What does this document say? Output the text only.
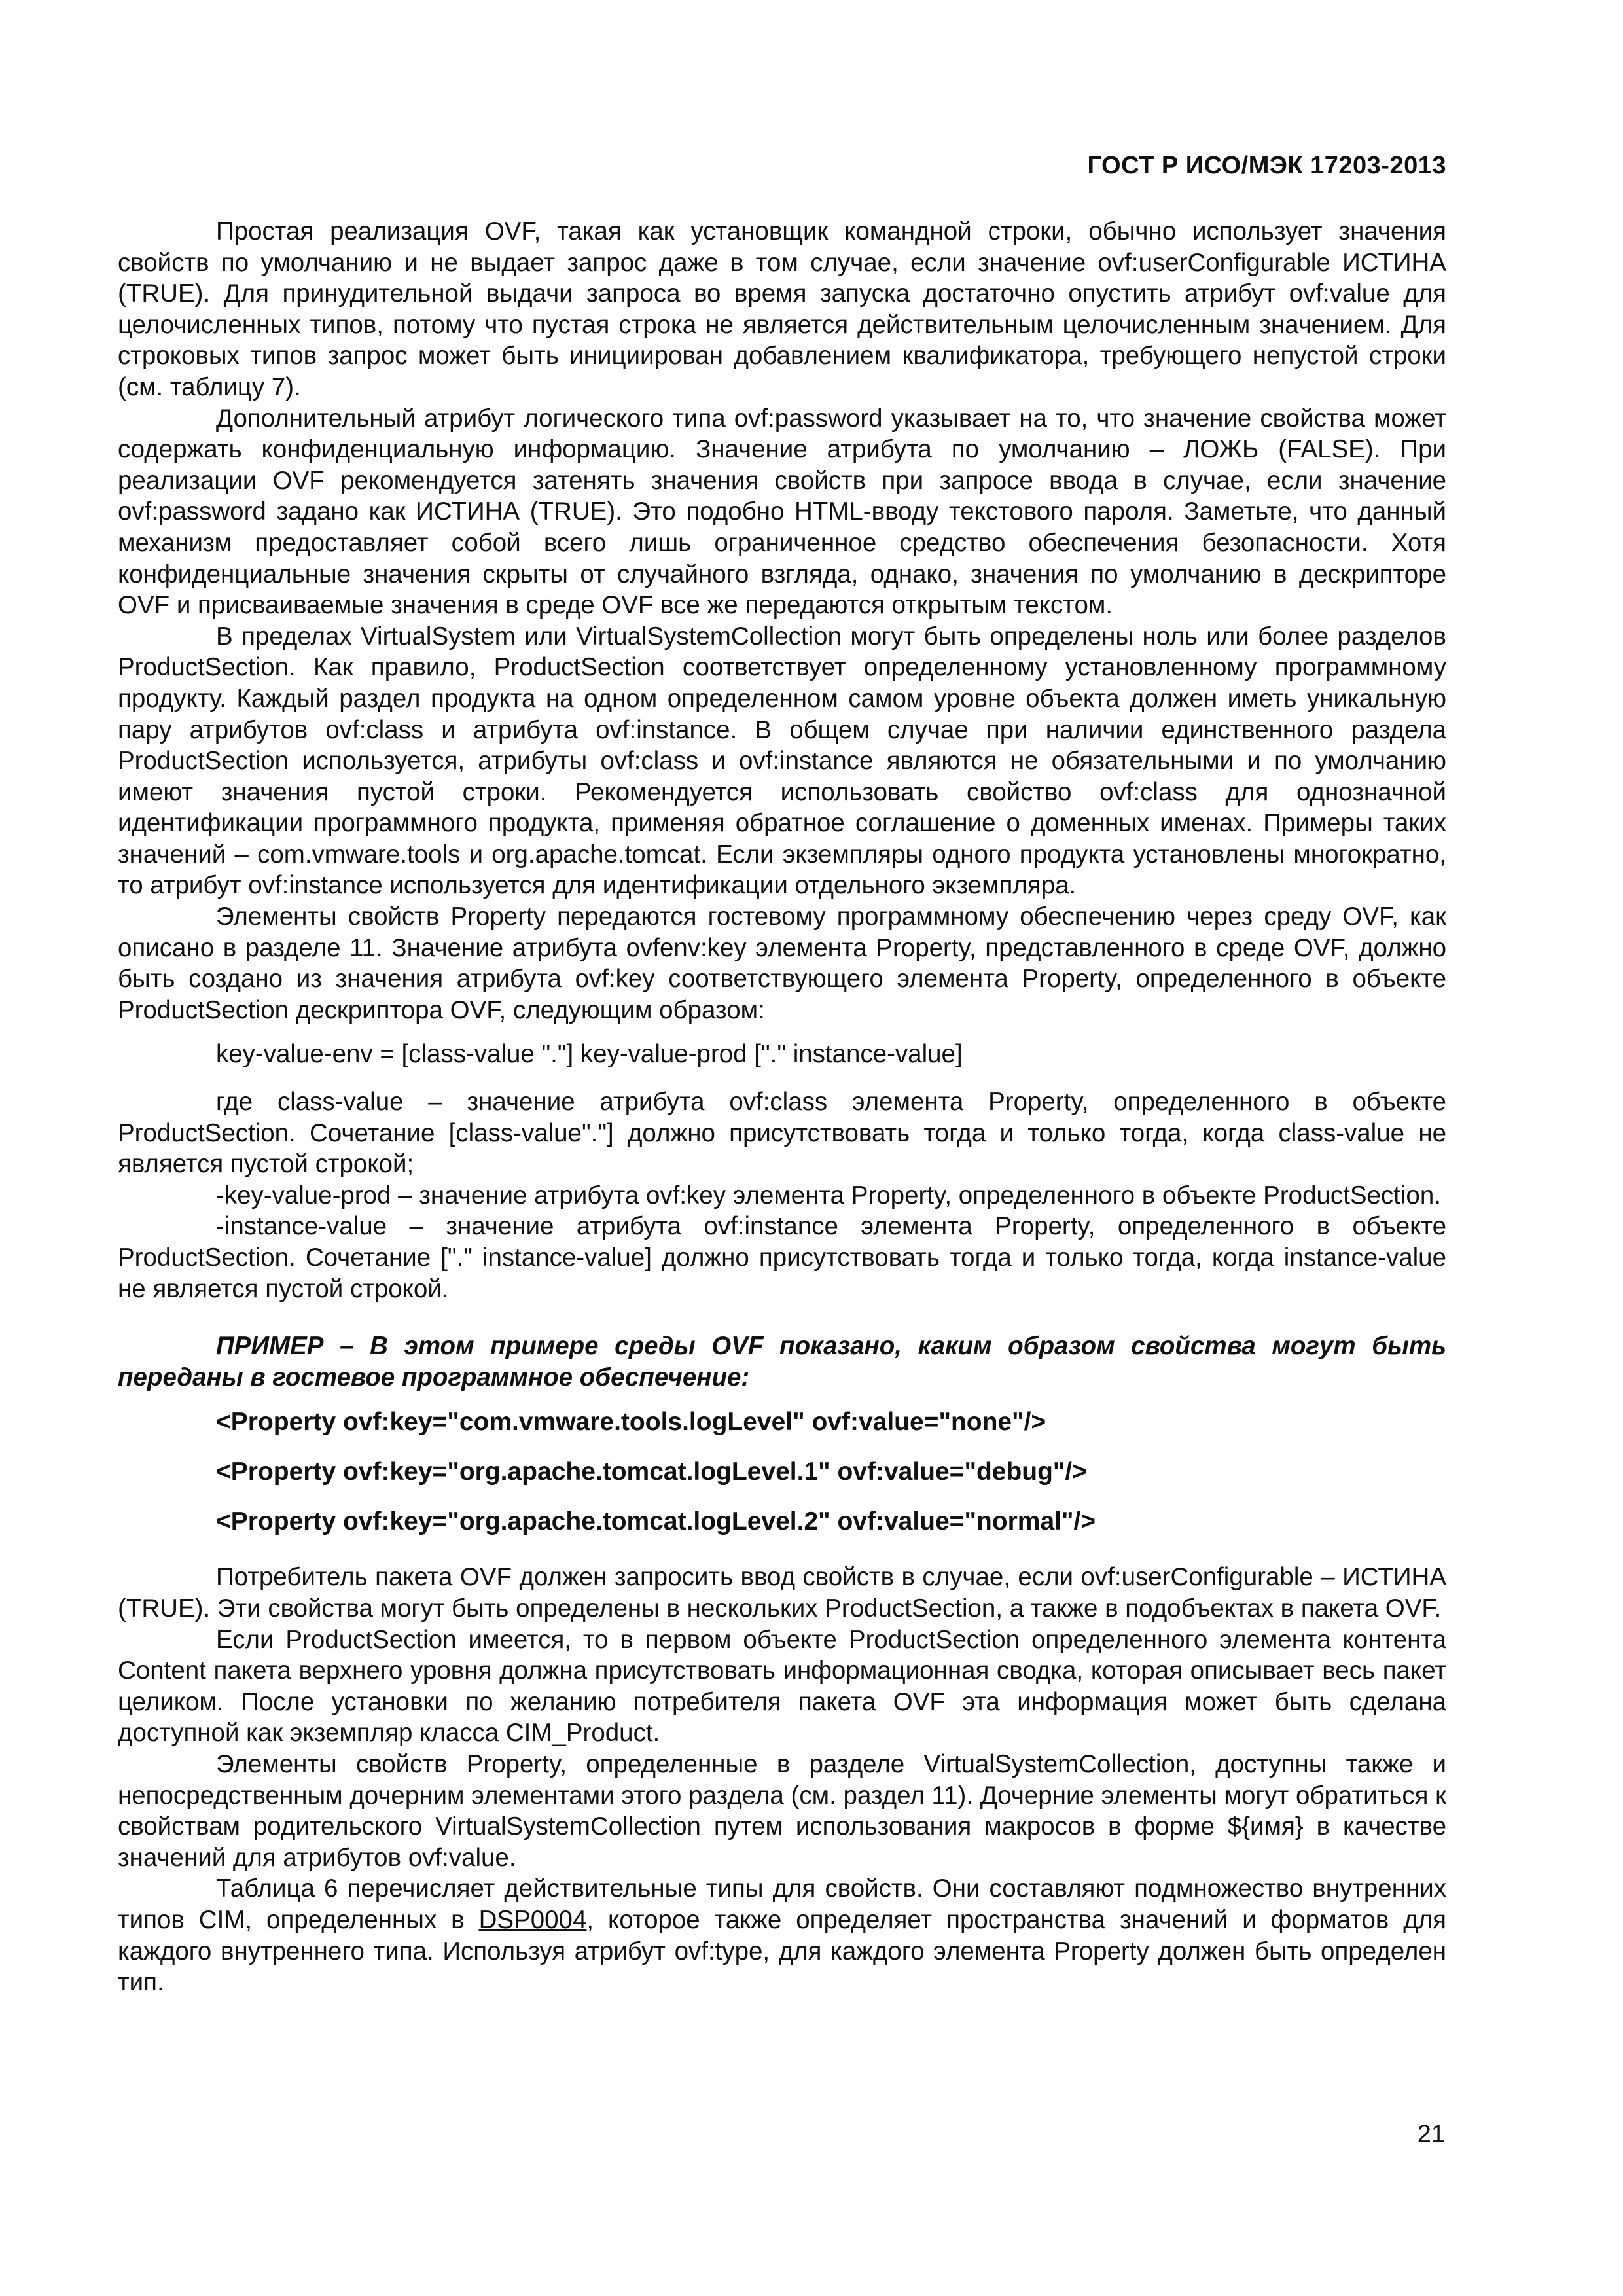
ГОСТ Р ИСО/МЭК 17203-2013

Простая реализация OVF, такая как установщик командной строки, обычно использует значения свойств по умолчанию и не выдает запрос даже в том случае, если значение ovf:userConfigurable ИСТИНА (TRUE). Для принудительной выдачи запроса во время запуска достаточно опустить атрибут ovf:value для целочисленных типов, потому что пустая строка не является действительным целочисленным значением. Для строковых типов запрос может быть инициирован добавлением квалификатора, требующего непустой строки (см. таблицу 7).

Дополнительный атрибут логического типа ovf:password указывает на то, что значение свойства может содержать конфиденциальную информацию. Значение атрибута по умолчанию – ЛОЖЬ (FALSE). При реализации OVF рекомендуется затенять значения свойств при запросе ввода в случае, если значение ovf:password задано как ИСТИНА (TRUE). Это подобно HTML-вводу текстового пароля. Заметьте, что данный механизм предоставляет собой всего лишь ограниченное средство обеспечения безопасности. Хотя конфиденциальные значения скрыты от случайного взгляда, однако, значения по умолчанию в дескрипторе OVF и присваиваемые значения в среде OVF все же передаются открытым текстом.

В пределах VirtualSystem или VirtualSystemCollection могут быть определены ноль или более разделов ProductSection. Как правило, ProductSection соответствует определенному установленному программному продукту. Каждый раздел продукта на одном определенном самом уровне объекта должен иметь уникальную пару атрибутов ovf:class и атрибута ovf:instance. В общем случае при наличии единственного раздела ProductSection используется, атрибуты ovf:class и ovf:instance являются не обязательными и по умолчанию имеют значения пустой строки. Рекомендуется использовать свойство ovf:class для однозначной идентификации программного продукта, применяя обратное соглашение о доменных именах. Примеры таких значений – com.vmware.tools и org.apache.tomcat. Если экземпляры одного продукта установлены многократно, то атрибут ovf:instance используется для идентификации отдельного экземпляра.

Элементы свойств Property передаются гостевому программному обеспечению через среду OVF, как описано в разделе 11. Значение атрибута ovfenv:key элемента Property, представленного в среде OVF, должно быть создано из значения атрибута ovf:key соответствующего элемента Property, определенного в объекте ProductSection дескриптора OVF, следующим образом:

key-value-env = [class-value "."] key-value-prod ["." instance-value]

где class-value – значение атрибута ovf:class элемента Property, определенного в объекте ProductSection. Сочетание [class-value"."] должно присутствовать тогда и только тогда, когда class-value не является пустой строкой;

-key-value-prod – значение атрибута ovf:key элемента Property, определенного в объекте ProductSection.

-instance-value – значение атрибута ovf:instance элемента Property, определенного в объекте ProductSection. Сочетание ["." instance-value] должно присутствовать тогда и только тогда, когда instance-value не является пустой строкой.

ПРИМЕР – В этом примере среды OVF показано, каким образом свойства могут быть переданы в гостевое программное обеспечение:

<Property ovf:key="com.vmware.tools.logLevel" ovf:value="none"/>

<Property ovf:key="org.apache.tomcat.logLevel.1" ovf:value="debug"/>

<Property ovf:key="org.apache.tomcat.logLevel.2" ovf:value="normal"/>

Потребитель пакета OVF должен запросить ввод свойств в случае, если ovf:userConfigurable – ИСТИНА (TRUE). Эти свойства могут быть определены в нескольких ProductSection, а также в подобъектах в пакета OVF.

Если ProductSection имеется, то в первом объекте ProductSection определенного элемента контента Content пакета верхнего уровня должна присутствовать информационная сводка, которая описывает весь пакет целиком. После установки по желанию потребителя пакета OVF эта информация может быть сделана доступной как экземпляр класса CIM_Product.

Элементы свойств Property, определенные в разделе VirtualSystemCollection, доступны также и непосредственным дочерним элементами этого раздела (см. раздел 11). Дочерние элементы могут обратиться к свойствам родительского VirtualSystemCollection путем использования макросов в форме ${имя} в качестве значений для атрибутов ovf:value.

Таблица 6 перечисляет действительные типы для свойств. Они составляют подмножество внутренних типов CIM, определенных в DSP0004, которое также определяет пространства значений и форматов для каждого внутреннего типа. Используя атрибут ovf:type, для каждого элемента Property должен быть определен тип.

21
